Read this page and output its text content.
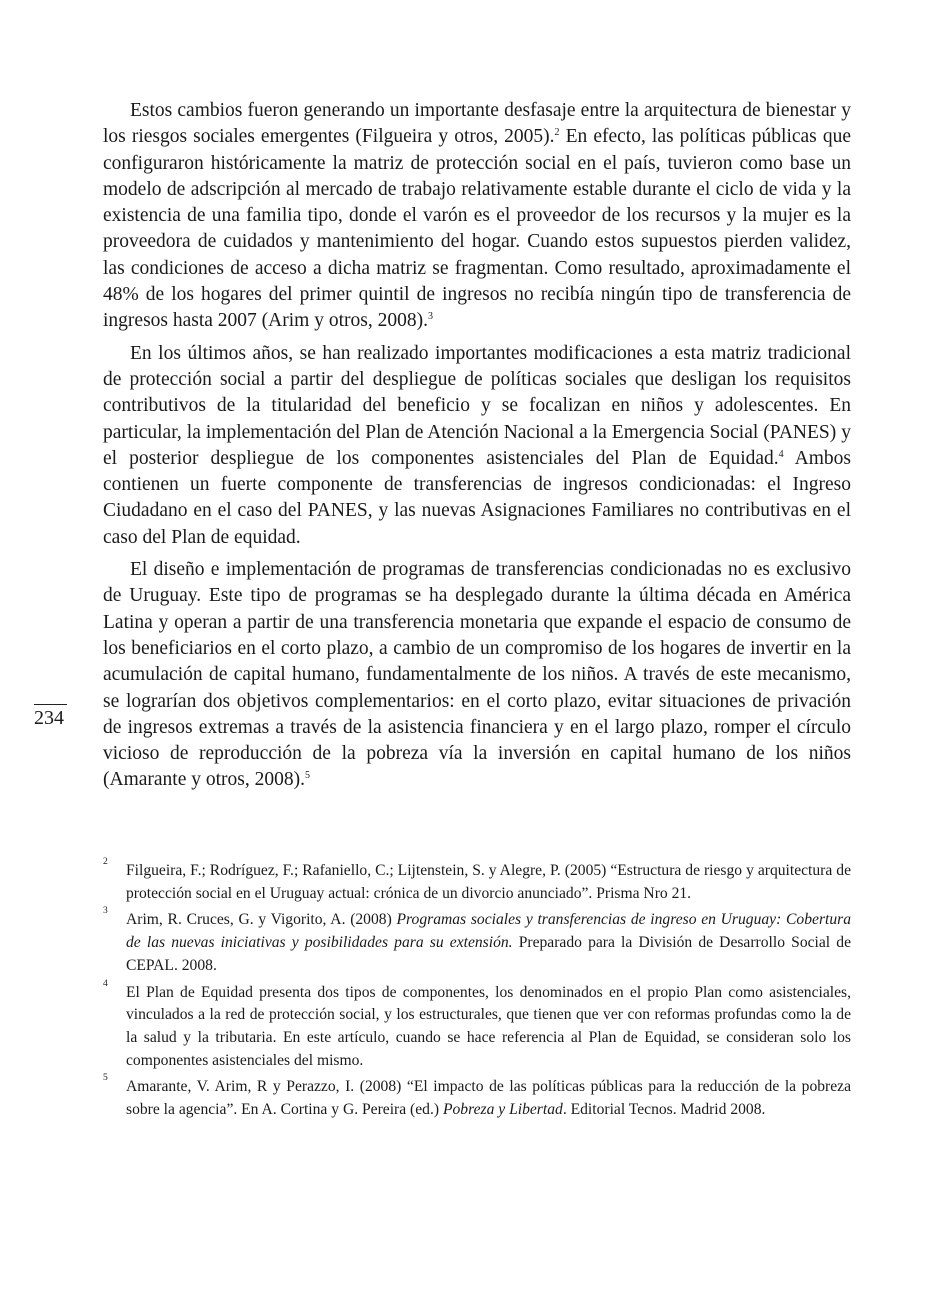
Estos cambios fueron generando un importante desfasaje entre la arquitectura de bienestar y los riesgos sociales emergentes (Filgueira y otros, 2005).$^2$ En efecto, las políticas públicas que configuraron históricamente la matriz de protección social en el país, tuvieron como base un modelo de adscripción al mercado de trabajo relativamente estable durante el ciclo de vida y la existencia de una familia tipo, donde el varón es el proveedor de los recursos y la mujer es la proveedora de cuidados y mantenimiento del hogar. Cuando estos supuestos pierden validez, las condiciones de acceso a dicha matriz se fragmentan. Como resultado, aproximadamente el 48% de los hogares del primer quintil de ingresos no recibía ningún tipo de transferencia de ingresos hasta 2007 (Arim y otros, 2008).$^3$

En los últimos años, se han realizado importantes modificaciones a esta matriz tradicional de protección social a partir del despliegue de políticas sociales que desligan los requisitos contributivos de la titularidad del beneficio y se focalizan en niños y adolescentes. En particular, la implementación del Plan de Atención Nacional a la Emergencia Social (PANES) y el posterior despliegue de los componentes asistenciales del Plan de Equidad.$^4$ Ambos contienen un fuerte componente de transferencias de ingresos condicionadas: el Ingreso Ciudadano en el caso del PANES, y las nuevas Asignaciones Familiares no contributivas en el caso del Plan de equidad.

El diseño e implementación de programas de transferencias condicionadas no es exclusivo de Uruguay. Este tipo de programas se ha desplegado durante la última década en América Latina y operan a partir de una transferencia monetaria que expande el espacio de consumo de los beneficiarios en el corto plazo, a cambio de un compromiso de los hogares de invertir en la acumulación de capital humano, fundamentalmente de los niños. A través de este mecanismo, se lograrían dos objetivos complementarios: en el corto plazo, evitar situaciones de privación de ingresos extremas a través de la asistencia financiera y en el largo plazo, romper el círculo vicioso de reproducción de la pobreza vía la inversión en capital humano de los niños (Amarante y otros, 2008).$^5$

234
2 Filgueira, F.; Rodríguez, F.; Rafaniello, C.; Lijtenstein, S. y Alegre, P. (2005) “Estructura de riesgo y arquitectura de protección social en el Uruguay actual: crónica de un divorcio anunciado”. Prisma Nro 21.
3 Arim, R. Cruces, G. y Vigorito, A. (2008) Programas sociales y transferencias de ingreso en Uruguay: Cobertura de las nuevas iniciativas y posibilidades para su extensión. Preparado para la División de Desarrollo Social de CEPAL. 2008.
4 El Plan de Equidad presenta dos tipos de componentes, los denominados en el propio Plan como asistenciales, vinculados a la red de protección social, y los estructurales, que tienen que ver con reformas profundas como la de la salud y la tributaria. En este artículo, cuando se hace referencia al Plan de Equidad, se consideran solo los componentes asistenciales del mismo.
5 Amarante, V. Arim, R y Perazzo, I. (2008) “El impacto de las políticas públicas para la reducción de la pobreza sobre la agencia”. En A. Cortina y G. Pereira (ed.) Pobreza y Libertad. Editorial Tecnos. Madrid 2008.
